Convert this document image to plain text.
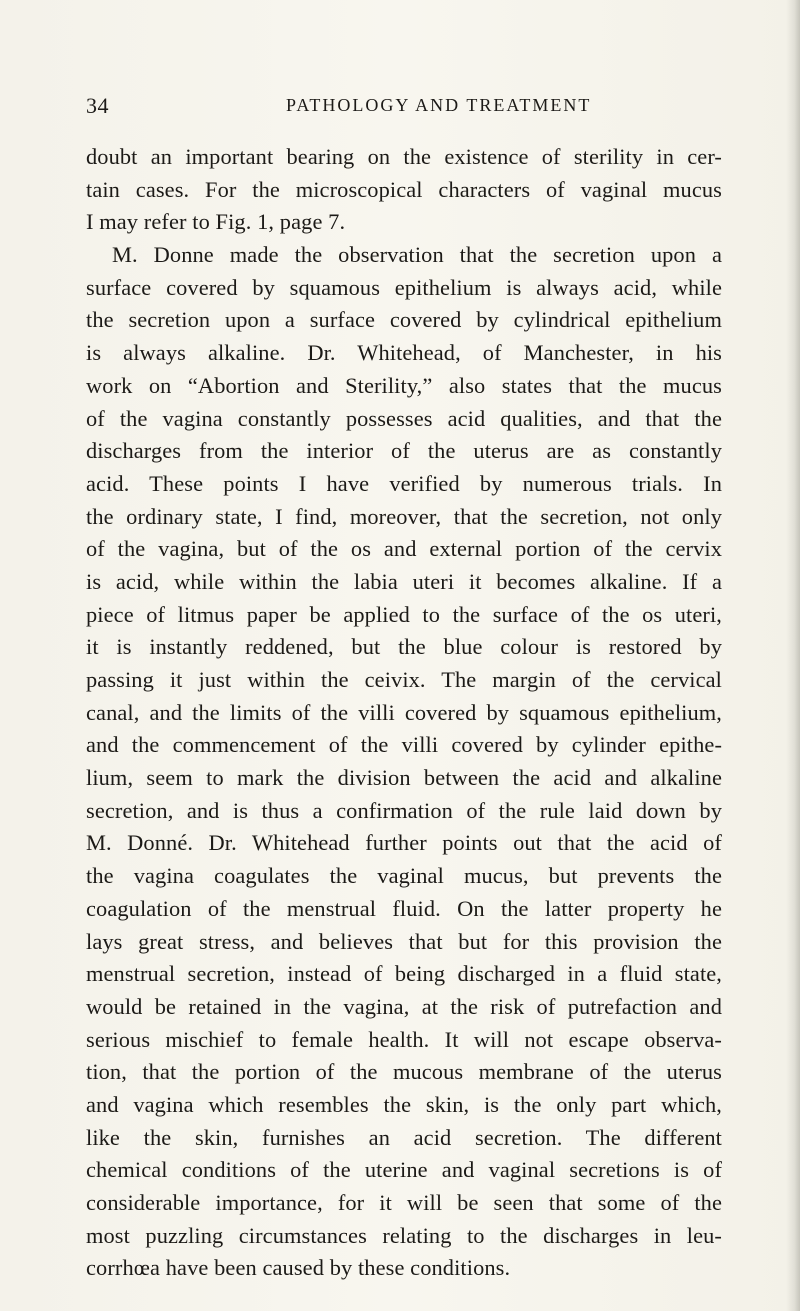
34	PATHOLOGY AND TREATMENT
doubt an important bearing on the existence of sterility in cer-
tain cases. For the microscopical characters of vaginal mucus
I may refer to Fig. 1, page 7.
M. Donne made the observation that the secretion upon a
surface covered by squamous epithelium is always acid, while
the secretion upon a surface covered by cylindrical epithelium
is always alkaline. Dr. Whitehead, of Manchester, in his
work on “Abortion and Sterility,” also states that the mucus
of the vagina constantly possesses acid qualities, and that the
discharges from the interior of the uterus are as constantly
acid. These points I have verified by numerous trials. In
the ordinary state, I find, moreover, that the secretion, not only
of the vagina, but of the os and external portion of the cervix
is acid, while within the labia uteri it becomes alkaline. If a
piece of litmus paper be applied to the surface of the os uteri,
it is instantly reddened, but the blue colour is restored by
passing it just within the ceivix. The margin of the cervical
canal, and the limits of the villi covered by squamous epithelium,
and the commencement of the villi covered by cylinder epithe-
lium, seem to mark the division between the acid and alkaline
secretion, and is thus a confirmation of the rule laid down by
M. Donné. Dr. Whitehead further points out that the acid of
the vagina coagulates the vaginal mucus, but prevents the
coagulation of the menstrual fluid. On the latter property he
lays great stress, and believes that but for this provision the
menstrual secretion, instead of being discharged in a fluid state,
would be retained in the vagina, at the risk of putrefaction and
serious mischief to female health. It will not escape observa-
tion, that the portion of the mucous membrane of the uterus
and vagina which resembles the skin, is the only part which,
like the skin, furnishes an acid secretion. The different
chemical conditions of the uterine and vaginal secretions is of
considerable importance, for it will be seen that some of the
most puzzling circumstances relating to the discharges in leu-
corrhœa have been caused by these conditions.
